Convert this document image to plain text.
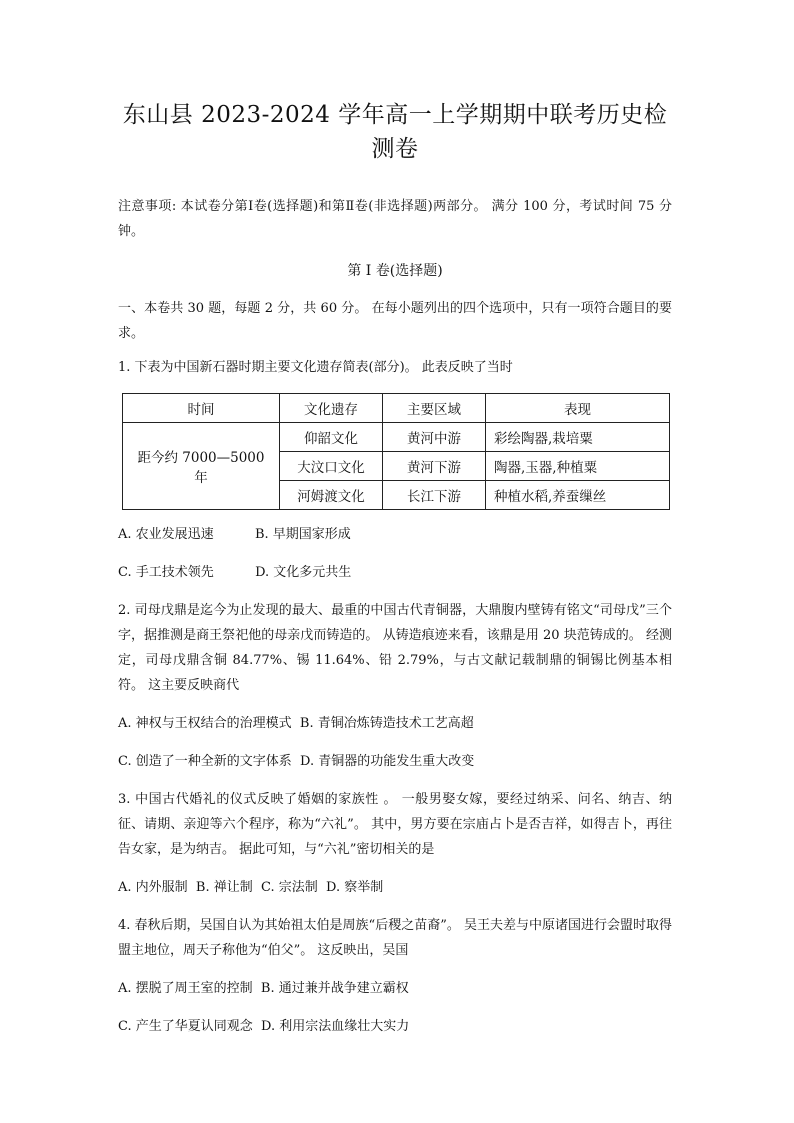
东山县 2023-2024 学年高一上学期期中联考历史检测卷

注意事项: 本试卷分第Ⅰ卷(选择题)和第Ⅱ卷(非选择题)两部分。 满分 100 分，考试时间 75 分钟。

第 Ⅰ 卷(选择题)

一、本卷共 30 题，每题 2 分，共 60 分。 在每小题列出的四个选项中，只有一项符合题目的要求。

1. 下表为中国新石器时期主要文化遗存简表(部分)。 此表反映了当时

时间	文化遗存	主要区域	表现
距今约 7000—5000 年	仰韶文化	黄河中游	彩绘陶器,栽培粟
	大汶口文化	黄河下游	陶器,玉器,种植粟
	河姆渡文化	长江下游	种植水稻,养蚕缫丝
A. 农业发展迅速	B. 早期国家形成
C. 手工技术领先	D. 文化多元共生

2. 司母戊鼎是迄今为止发现的最大、最重的中国古代青铜器，大鼎腹内壁铸有铭文“司母戊”三个字，据推测是商王祭祀他的母亲戊而铸造的。 从铸造痕迹来看，该鼎是用 20 块范铸成的。 经测定，司母戊鼎含铜 84.77%、锡 11.64%、铅 2.79%，与古文献记载制鼎的铜锡比例基本相符。 这主要反映商代

A. 神权与王权结合的治理模式 B. 青铜冶炼铸造技术工艺高超
C. 创造了一种全新的文字体系 D. 青铜器的功能发生重大改变

3. 中国古代婚礼的仪式反映了婚姻的家族性 。 一般男娶女嫁，要经过纳采、问名、纳吉、纳征、请期、亲迎等六个程序，称为“六礼”。 其中，男方要在宗庙占卜是否吉祥，如得吉卜，再往告女家，是为纳吉。 据此可知，与“六礼”密切相关的是

A. 内外服制 B. 禅让制 C. 宗法制 D. 察举制

4. 春秋后期，吴国自认为其始祖太伯是周族“后稷之苗裔”。 吴王夫差与中原诸国进行会盟时取得盟主地位，周天子称他为“伯父”。 这反映出，吴国

A. 摆脱了周王室的控制 B. 通过兼并战争建立霸权
C. 产生了华夏认同观念 D. 利用宗法血缘壮大实力
